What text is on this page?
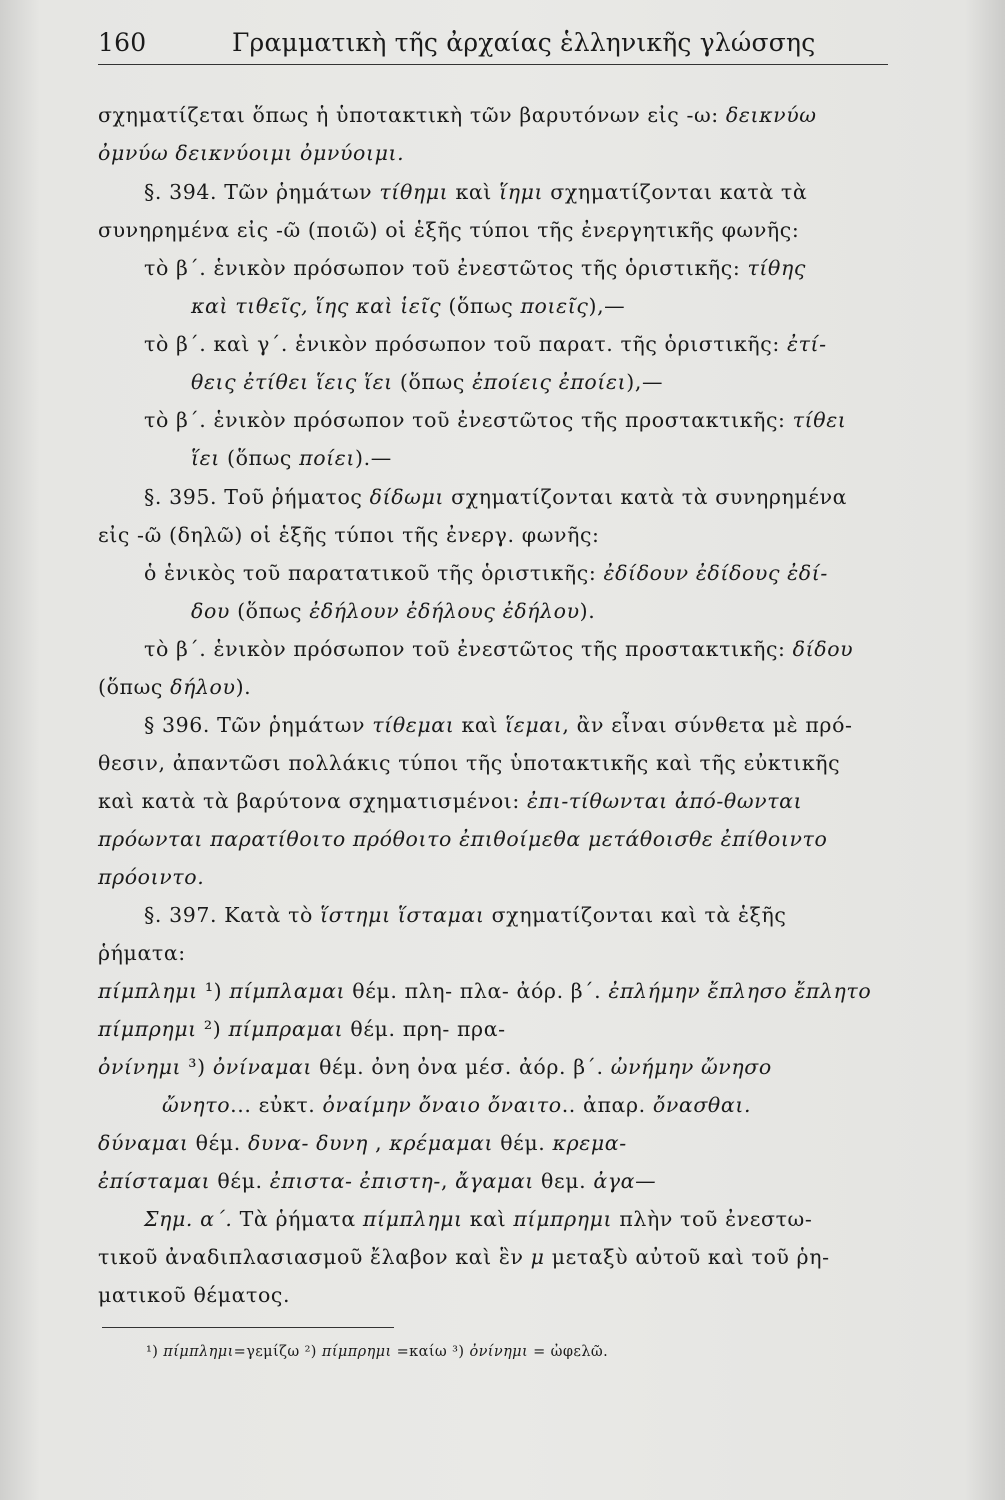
160	Γραμματικὴ τῆς ἀρχαίας ἑλληνικῆς γλώσσης
σχηματίζεται ὅπως ἡ ὑποτακτικὴ τῶν βαρυτόνων εἰς -ω: δεικνύω
ὀμνύω δεικνύοιμι ὀμνύοιμι.
§. 394. Τῶν ῥημάτων τίθημι καὶ ἵημι σχηματίζονται κατὰ τὰ
συνηρημένα εἰς -ῶ (ποιῶ) οἱ ἑξῆς τύποι τῆς ἐνεργητικῆς φωνῆς:
τὸ β΄. ἑνικὸν πρόσωπον τοῦ ἐνεστῶτος τῆς ὁριστικῆς: τίθης
καὶ τιθεῖς, ἵης καὶ ἱεῖς (ὅπως ποιεῖς),—
τὸ β΄. καὶ γ΄. ἑνικὸν πρόσωπον τοῦ παρατ. τῆς ὁριστικῆς: ἐτί-
θεις ἐτίθει ἵεις ἵει (ὅπως ἐποίεις ἐποίει),—
τὸ β΄. ἑνικὸν πρόσωπον τοῦ ἐνεστῶτος τῆς προστακτικῆς: τίθει
ἵει (ὅπως ποίει).—
§. 395. Τοῦ ῥήματος δίδωμι σχηματίζονται κατὰ τὰ συνηρημένα
εἰς -ῶ (δηλῶ) οἱ ἑξῆς τύποι τῆς ἐνεργ. φωνῆς:
ὁ ἑνικὸς τοῦ παρατατικοῦ τῆς ὁριστικῆς: ἐδίδουν ἐδίδους ἐδί-
δου (ὅπως ἐδήλουν ἐδήλους ἐδήλου).
τὸ β΄. ἑνικὸν πρόσωπον τοῦ ἐνεστῶτος τῆς προστακτικῆς: δίδου
(ὅπως δήλου).
§ 396. Τῶν ῥημάτων τίθεμαι καὶ ἵεμαι, ἂν εἶναι σύνθετα μὲ πρό-
θεσιν, ἀπαντῶσι πολλάκις τύποι τῆς ὑποτακτικῆς καὶ τῆς εὐκτικῆς
καὶ κατὰ τὰ βαρύτονα σχηματισμένοι: ἐπι-τίθωνται ἀπό-θωνται
πρόωνται παρατίθοιτο πρόθοιτο ἐπιθοίμεθα μετάθοισθε ἐπίθοιντο
πρόοιντο.
§. 397. Κατὰ τὸ ἵστημι ἵσταμαι σχηματίζονται καὶ τὰ ἑξῆς
ῥήματα:
πίμπλημι ¹) πίμπλαμαι θέμ. πλη- πλα- ἀόρ. β΄. ἐπλήμην ἔπλησο ἔπλητο
πίμπρημι ²) πίμπραμαι θέμ. πρη- πρα-
ὀνίνημι ³) ὀνίναμαι θέμ. ὀνη ὀνα μέσ. ἀόρ. β΄. ὠνήμην ὤνησο
ὤνητο... εὐκτ. ὀναίμην ὄναιο ὄναιτο.. ἀπαρ. ὄνασθαι.
δύναμαι θέμ. δυνα- δυνη , κρέμαμαι θέμ. κρεμα-
ἐπίσταμαι θέμ. ἐπιστα- ἐπιστη-, ἄγαμαι θεμ. ἀγα—
Σημ. α΄. Τὰ ῥήματα πίμπλημι καὶ πίμπρημι πλὴν τοῦ ἐνεστω-
τικοῦ ἀναδιπλασιασμοῦ ἔλαβον καὶ ἓν μ μεταξὺ αὐτοῦ καὶ τοῦ ῥη-
ματικοῦ θέματος.
¹) πίμπλημι=γεμίζω ²) πίμπρημι =καίω ³) ὀνίνημι = ὠφελῶ.
